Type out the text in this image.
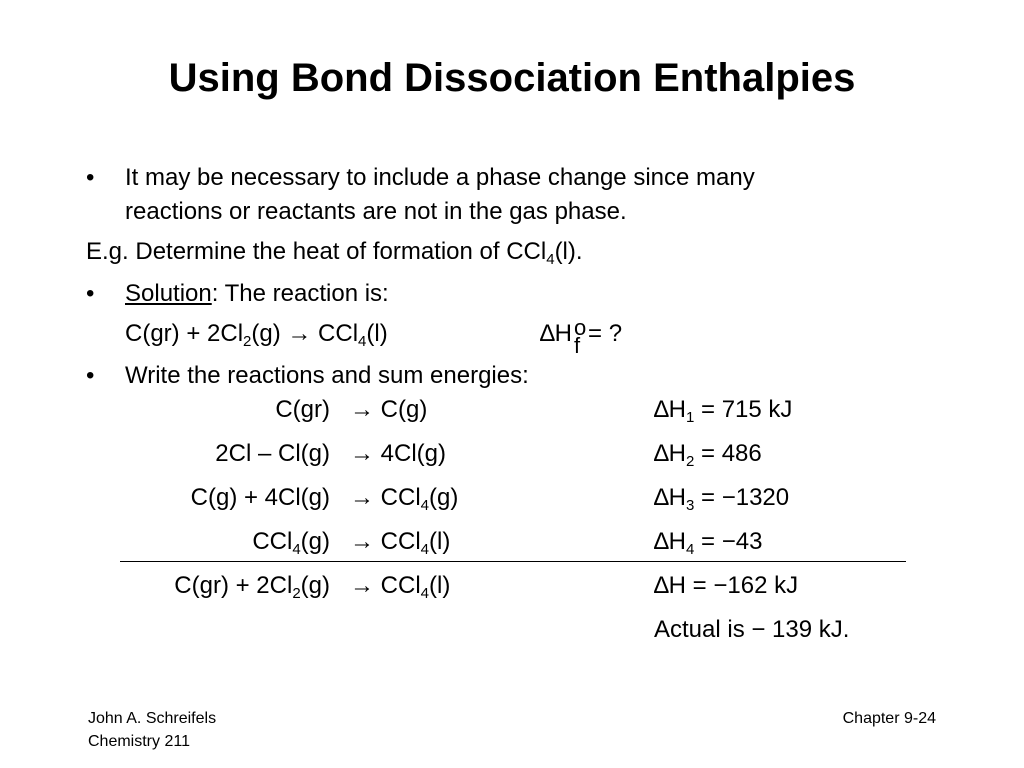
Using Bond Dissociation Enthalpies
• It may be necessary to include a phase change since many
reactions or reactants are not in the gas phase.
E.g. Determine the heat of formation of CCl$_4$(l).
• Solution: The reaction is:
$C(gr) + 2Cl_2(g) \to CCl_4(l)$	∆H o
f = ?
• Write the reactions and sum energies:
C(gr) → C(g)	$\Delta H_1 = 715$ kJ
2Cl – Cl(g) → 4Cl(g)	$\Delta H_2 = 486$
C(g) + 4Cl(g) → CCl$_4$(g)	$\Delta H_3 = -1320$
CCl$_4$(g) → CCl$_4$(l)	$\Delta H_4 = -43$
$C(gr) + 2Cl_2(g) \to CCl_4(l)$	∆H = −162 kJ
Actual is − 139 kJ.
John A. Schreifels
Chemistry 211
Chapter 9-24
